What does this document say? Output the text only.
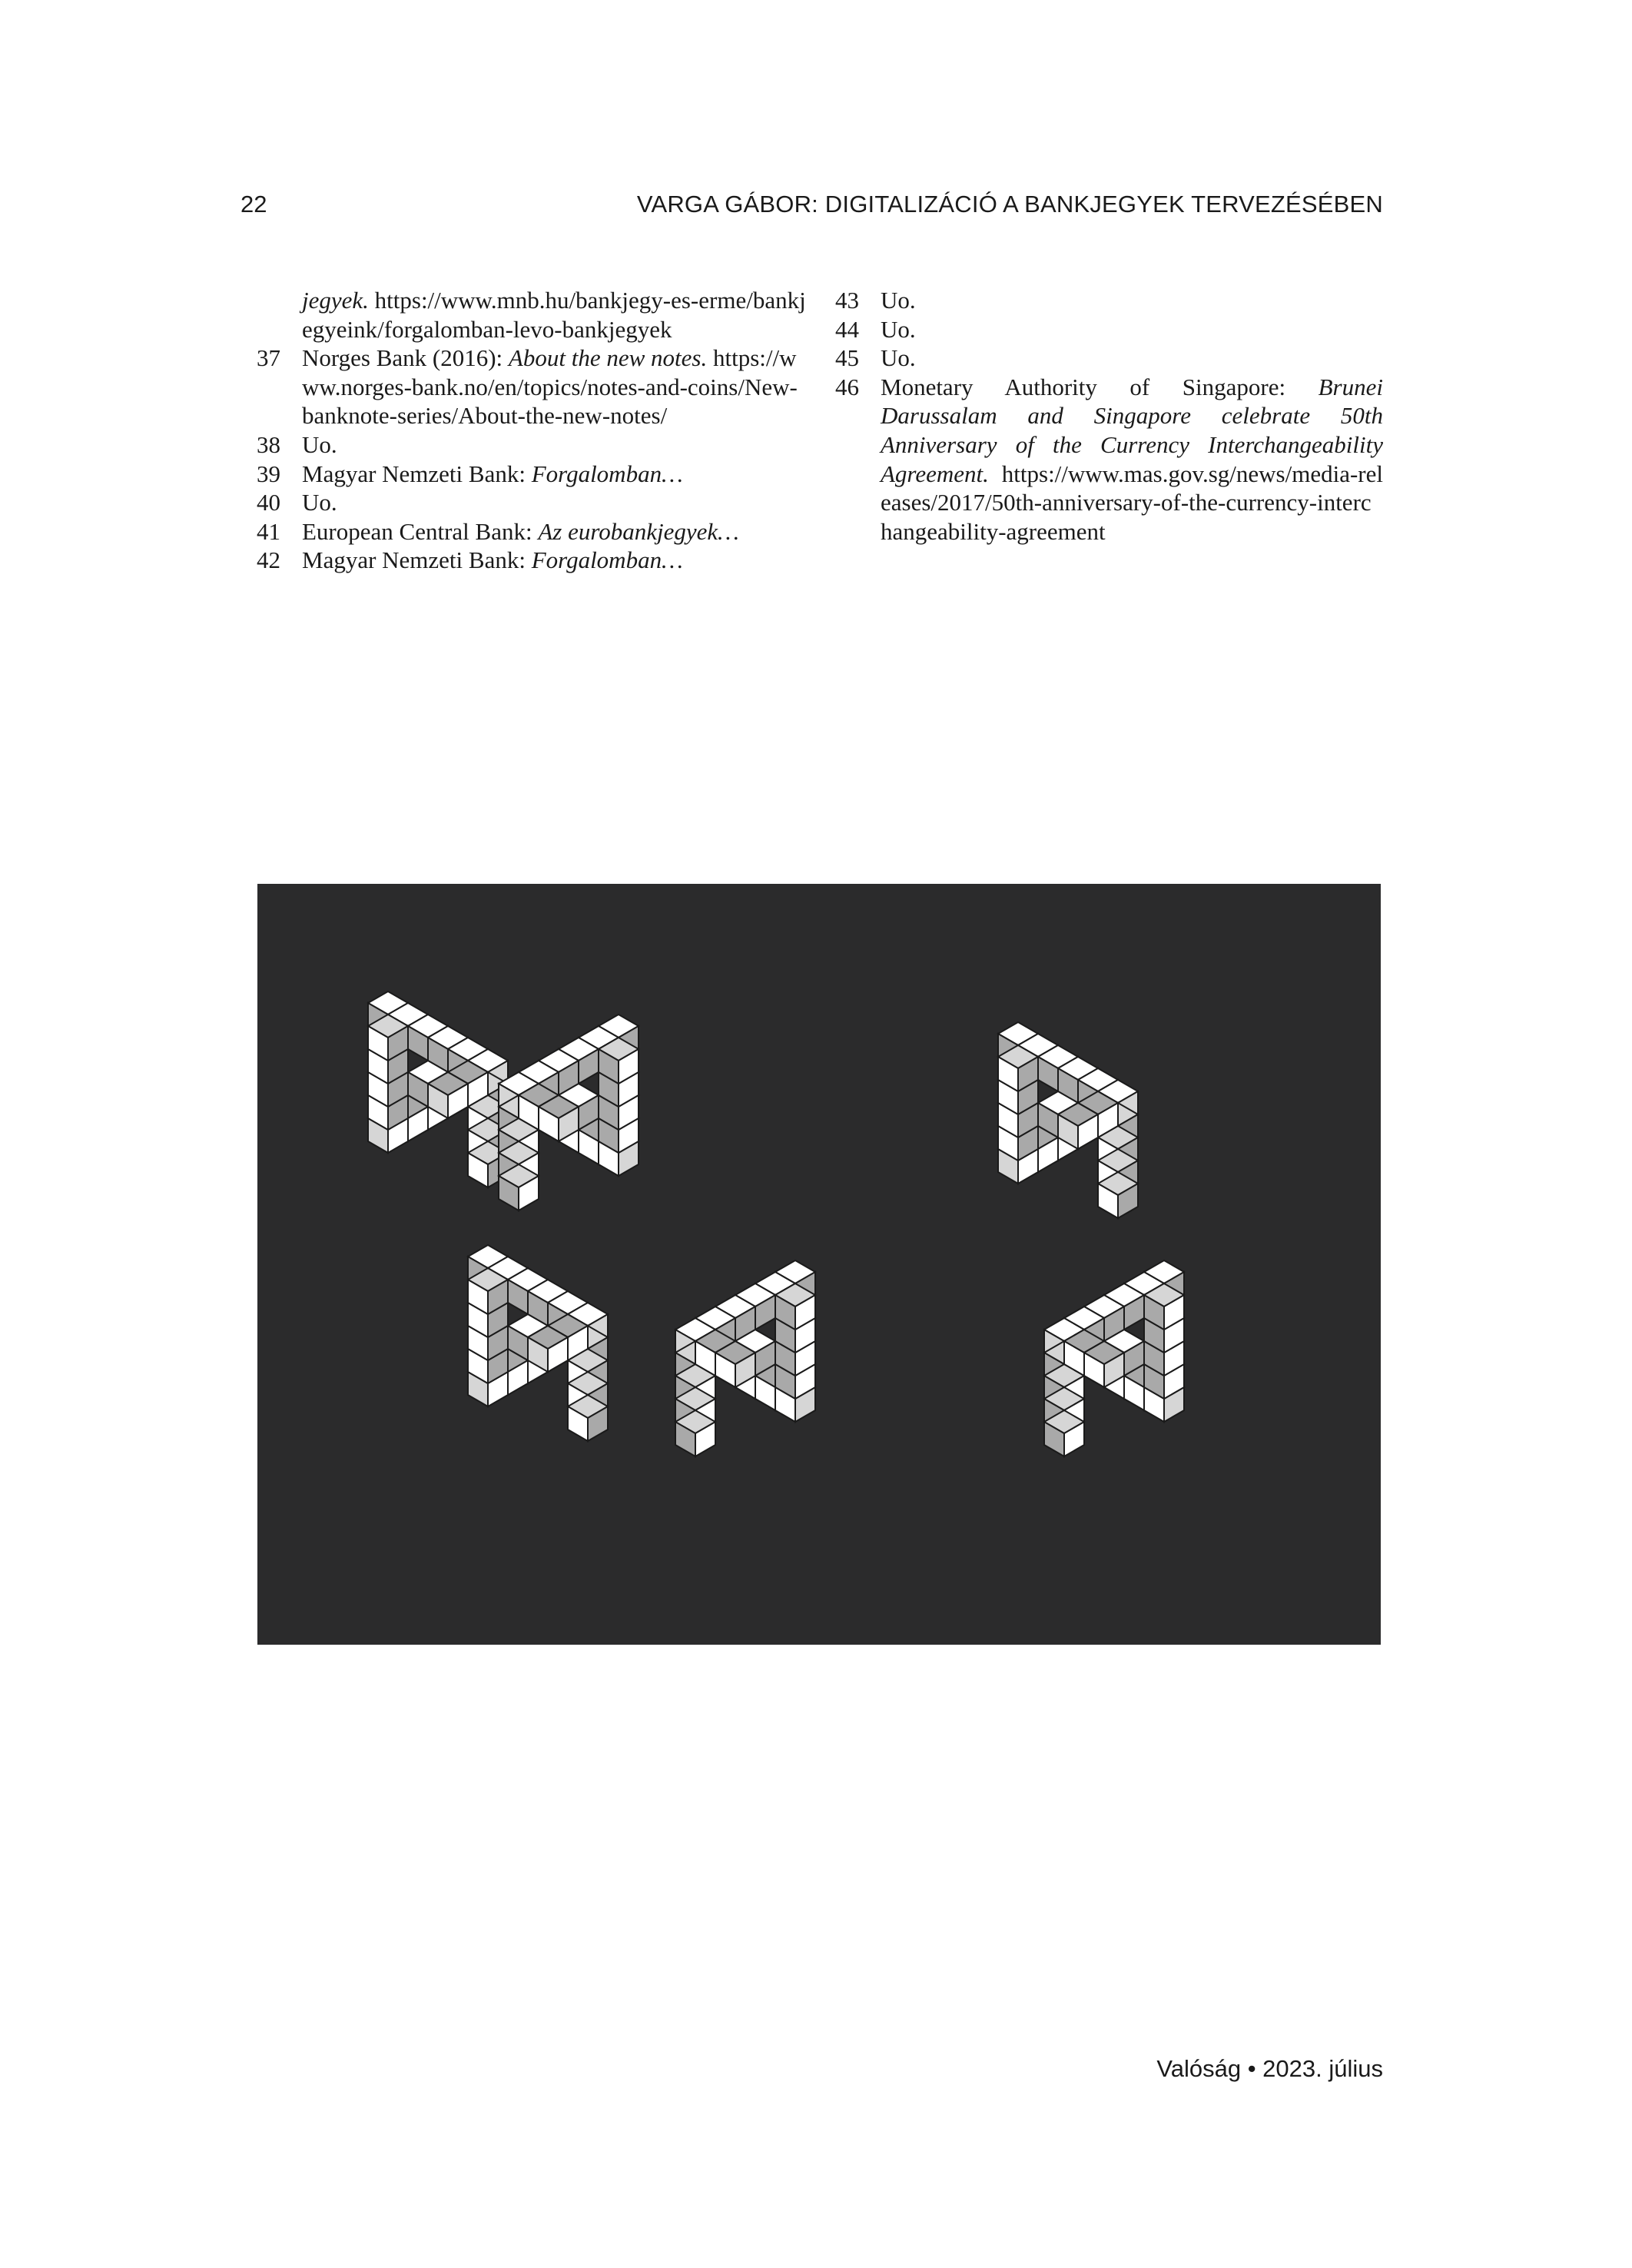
22	VARGA GÁBOR: DIGITALIZÁCIÓ A BANKJEGYEK TERVEZÉSÉBEN
jegyek. https://www.mnb.hu/bankjegy-es-erme/bankjegyeink/forgalomban-levo-bankjegyek
37 Norges Bank (2016): About the new notes. https://www.norges-bank.no/en/topics/notes-and-coins/New-banknote-series/About-the-new-notes/
38 Uo.
39 Magyar Nemzeti Bank: Forgalomban…
40 Uo.
41 European Central Bank: Az eurobankjegyek…
42 Magyar Nemzeti Bank: Forgalomban…
43 Uo.
44 Uo.
45 Uo.
46 Monetary Authority of Singapore: Brunei Darussalam and Singapore celebrate 50th Anniversary of the Currency Interchangeability Agreement. https://www.mas.gov.sg/news/media-releases/2017/50th-anniversary-of-the-currency-interchangeability-agreement
Valóság • 2023. július
